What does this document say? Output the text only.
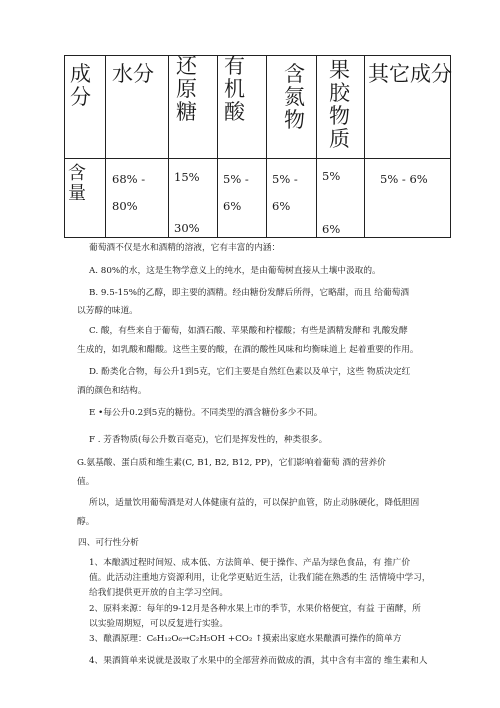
成分
水分 还原糖
有机酸
含氮物
果胶物质
其它成分
含量
68% -
80%
15%
30%
5% -
6%
5% -
6%
5%
6%
5% - 6%
葡萄酒不仅是水和酒精的溶液，它有丰富的内涵：
A. 80%的水，这是生物学意义上的纯水，是由葡萄树直接从土壤中汲取的。
B. 9.5-15%的乙醇，即主要的酒精。经由糖份发酵后所得，它略甜，而且 给葡萄酒
以芳醇的味道。
C. 酸，有些来自于葡萄，如酒石酸、苹果酸和柠檬酸；有些是酒精发酵和 乳酸发酵
生成的，如乳酸和醋酸。这些主要的酸，在酒的酸性风味和均衡味道上 起着重要的作用。
D. 酚类化合物，每公升1到5克，它们主要是自然红色素以及单宁，这些 物质决定红
酒的颜色和结构。
E •每公升0.2到5克的糖份。不同类型的酒含糖份多少不同。
F . 芳香物质(每公升数百毫克)，它们是挥发性的，种类很多。
G.氨基酸、蛋白质和维生素(C, B1, B2, B12, PP)，它们影响着葡萄 酒的营养价
值。
所以，适量饮用葡萄酒是对人体健康有益的，可以保护血管，防止动脉硬化，降低胆固
醇。
四、可行性分析
1、本酿酒过程时间短、成本低、方法简单、便于操作、产品为绿色食品，有 推广价
值。此活动注重地方资源利用，让化学更贴近生活，让我们能在熟悉的生 活情境中学习，
给我们提供更开放的自主学习空间。
2、原料来源：每年的9-12月是各种水果上市的季节，水果价格便宜，有益 于菌酵，所
以实验周期短，可以反复进行实验。
3、酿酒原理：C₆H₁₂O₆→C₂H₅OH +CO₂ ↑摸索出家庭水果酿酒可操作的简单方
4、果酒简单来说就是汲取了水果中的全部营养而做成的酒，其中含有丰富的 维生素和人
